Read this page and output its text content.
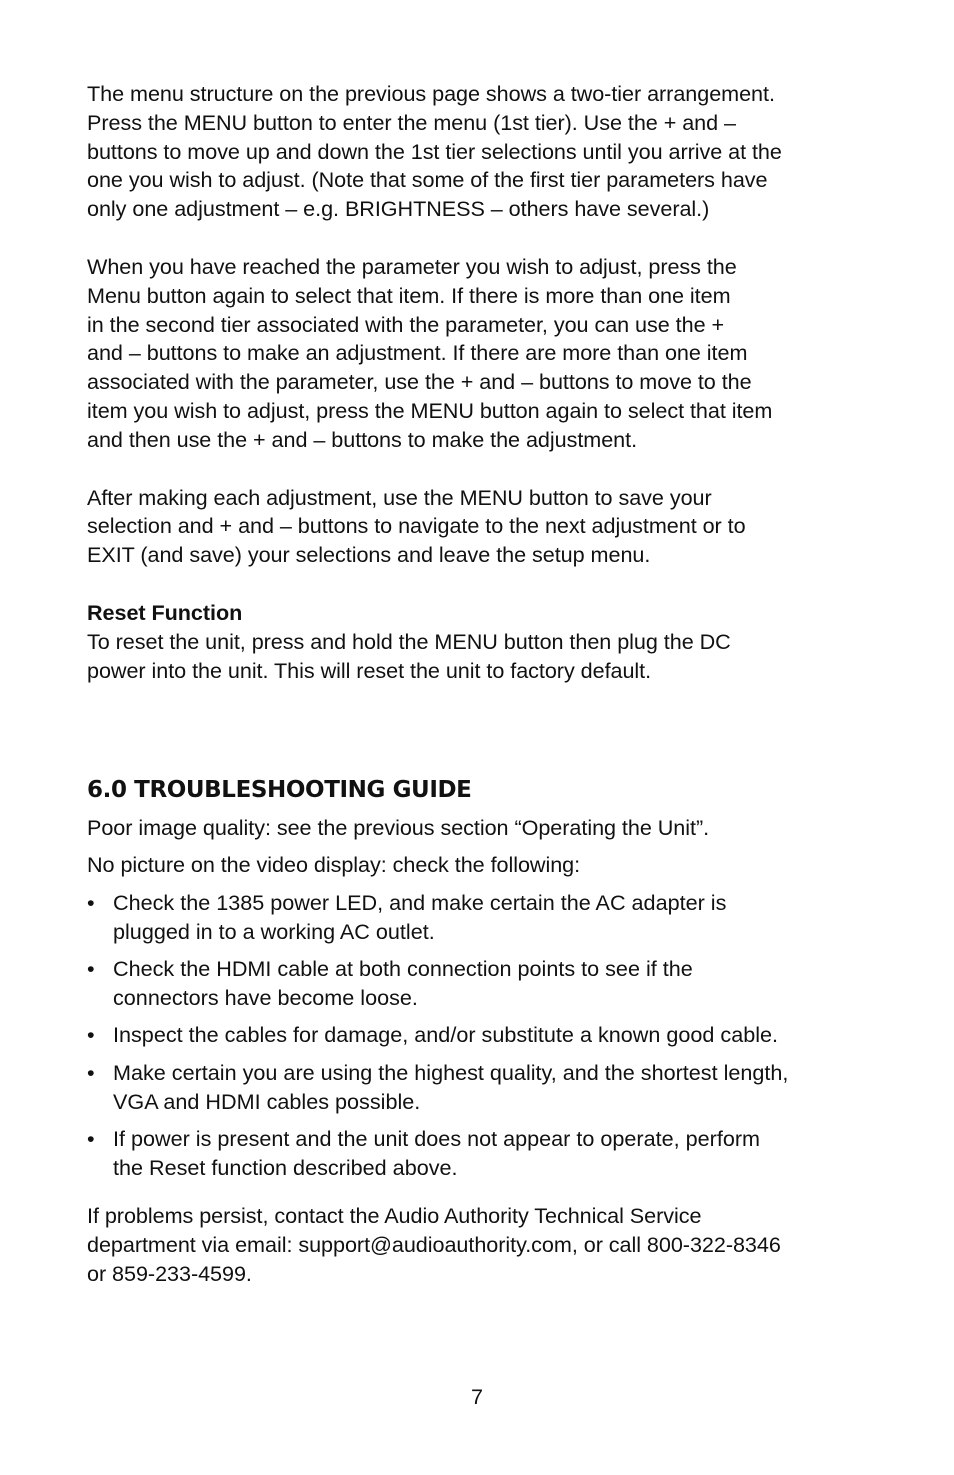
The menu structure on the previous page shows a two-tier arrangement.
Press the MENU button to enter the menu (1st tier). Use the + and –
buttons to move up and down the 1st tier selections until you arrive at the
one you wish to adjust. (Note that some of the first tier parameters have
only one adjustment – e.g. BRIGHTNESS – others have several.)

When you have reached the parameter you wish to adjust, press the
Menu button again to select that item. If there is more than one item
in the second tier associated with the parameter, you can use the +
and – buttons to make an adjustment. If there are more than one item
associated with the parameter, use the + and – buttons to move to the
item you wish to adjust, press the MENU button again to select that item
and then use the + and – buttons to make the adjustment.

After making each adjustment, use the MENU button to save your
selection and + and – buttons to navigate to the next adjustment or to
EXIT (and save) your selections and leave the setup menu.

Reset Function
To reset the unit, press and hold the MENU button then plug the DC
power into the unit. This will reset the unit to factory default.

6.0 TROUBLESHOOTING GUIDE

Poor image quality: see the previous section “Operating the Unit”.

No picture on the video display: check the following:

• Check the 1385 power LED, and make certain the AC adapter is
plugged in to a working AC outlet.
• Check the HDMI cable at both connection points to see if the
connectors have become loose.
• Inspect the cables for damage, and/or substitute a known good cable.
• Make certain you are using the highest quality, and the shortest length,
VGA and HDMI cables possible.
• If power is present and the unit does not appear to operate, perform
the Reset function described above.

If problems persist, contact the Audio Authority Technical Service
department via email: support@audioauthority.com, or call 800-322-8346
or 859-233-4599.

7
